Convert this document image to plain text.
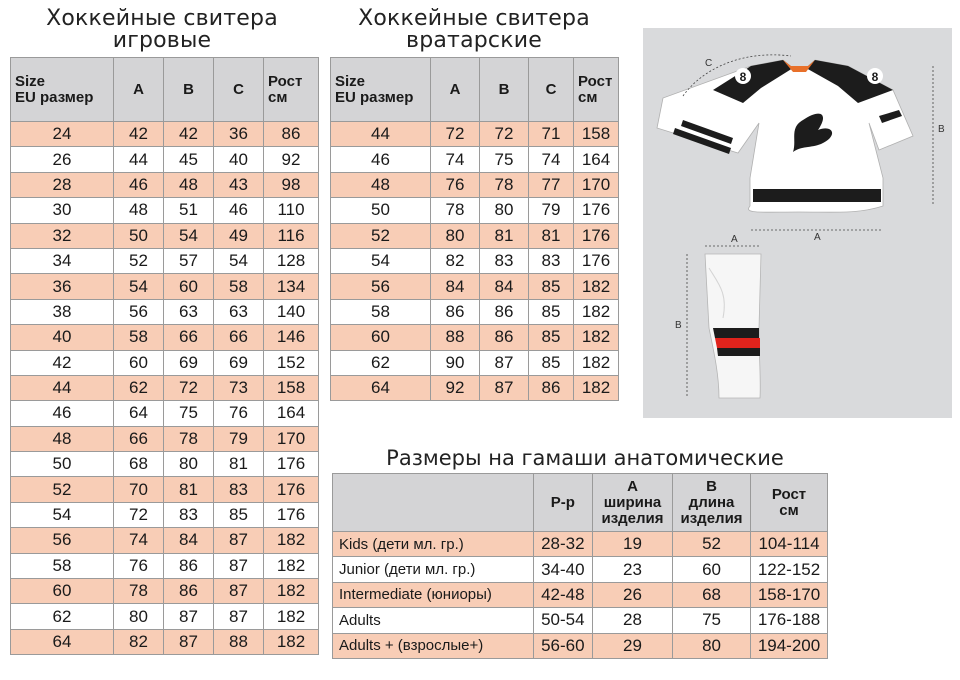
Хоккейные свитера
игровые
Хоккейные свитера
вратарские
Size
EU размер	A	B	C	Рост
см
24	42	42	36	86
26	44	45	40	92
28	46	48	43	98
30	48	51	46	110
32	50	54	49	116
34	52	57	54	128
36	54	60	58	134
38	56	63	63	140
40	58	66	66	146
42	60	69	69	152
44	62	72	73	158
46	64	75	76	164
48	66	78	79	170
50	68	80	81	176
52	70	81	83	176
54	72	83	85	176
56	74	84	87	182
58	76	86	87	182
60	78	86	87	182
62	80	87	87	182
64	82	87	88	182
Size
EU размер	A	B	C	Рост
см
44	72	72	71	158
46	74	75	74	164
48	76	78	77	170
50	78	80	79	176
52	80	81	81	176
54	82	83	83	176
56	84	84	85	182
58	86	86	85	182
60	88	86	85	182
62	90	87	85	182
64	92	87	86	182
Размеры на гамаши анатомические
	Р-р	A
ширина
изделия	B
длина
изделия	Рост
см
Kids (дети мл. гр.)	28-32	19	52	104-114
Junior (дети мл. гр.)	34-40	23	60	122-152
Intermediate (юниоры)	42-48	26	68	158-170
Adults	50-54	28	75	176-188
Adults + (взрослые+)	56-60	29	80	194-200
8	8
C
A
B
A
B
